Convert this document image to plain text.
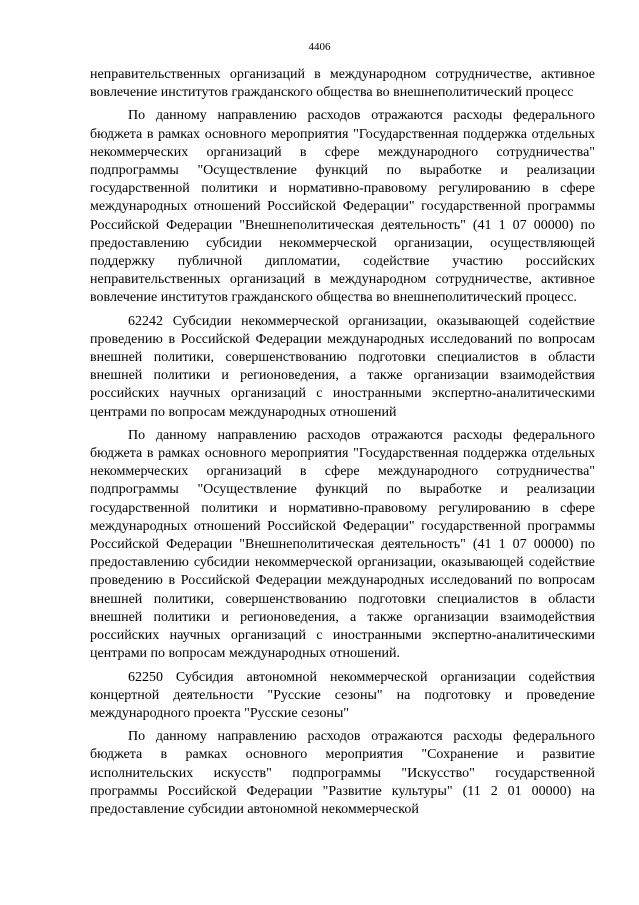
4406

неправительственных организаций в международном сотрудничестве, активное вовлечение институтов гражданского общества во внешнеполитический процесс

По данному направлению расходов отражаются расходы федерального бюджета в рамках основного мероприятия "Государственная поддержка отдельных некоммерческих организаций в сфере международного сотрудничества" подпрограммы "Осуществление функций по выработке и реализации государственной политики и нормативно-правовому регулированию в сфере международных отношений Российской Федерации" государственной программы Российской Федерации "Внешнеполитическая деятельность" (41 1 07 00000) по предоставлению субсидии некоммерческой организации, осуществляющей поддержку публичной дипломатии, содействие участию российских неправительственных организаций в международном сотрудничестве, активное вовлечение институтов гражданского общества во внешнеполитический процесс.

62242 Субсидии некоммерческой организации, оказывающей содействие проведению в Российской Федерации международных исследований по вопросам внешней политики, совершенствованию подготовки специалистов в области внешней политики и регионоведения, а также организации взаимодействия российских научных организаций с иностранными экспертно-аналитическими центрами по вопросам международных отношений

По данному направлению расходов отражаются расходы федерального бюджета в рамках основного мероприятия "Государственная поддержка отдельных некоммерческих организаций в сфере международного сотрудничества" подпрограммы "Осуществление функций по выработке и реализации государственной политики и нормативно-правовому регулированию в сфере международных отношений Российской Федерации" государственной программы Российской Федерации "Внешнеполитическая деятельность" (41 1 07 00000) по предоставлению субсидии некоммерческой организации, оказывающей содействие проведению в Российской Федерации международных исследований по вопросам внешней политики, совершенствованию подготовки специалистов в области внешней политики и регионоведения, а также организации взаимодействия российских научных организаций с иностранными экспертно-аналитическими центрами по вопросам международных отношений.

62250 Субсидия автономной некоммерческой организации содействия концертной деятельности "Русские сезоны" на подготовку и проведение международного проекта "Русские сезоны"

По данному направлению расходов отражаются расходы федерального бюджета в рамках основного мероприятия "Сохранение и развитие исполнительских искусств" подпрограммы "Искусство" государственной программы Российской Федерации "Развитие культуры" (11 2 01 00000) на предоставление субсидии автономной некоммерческой
